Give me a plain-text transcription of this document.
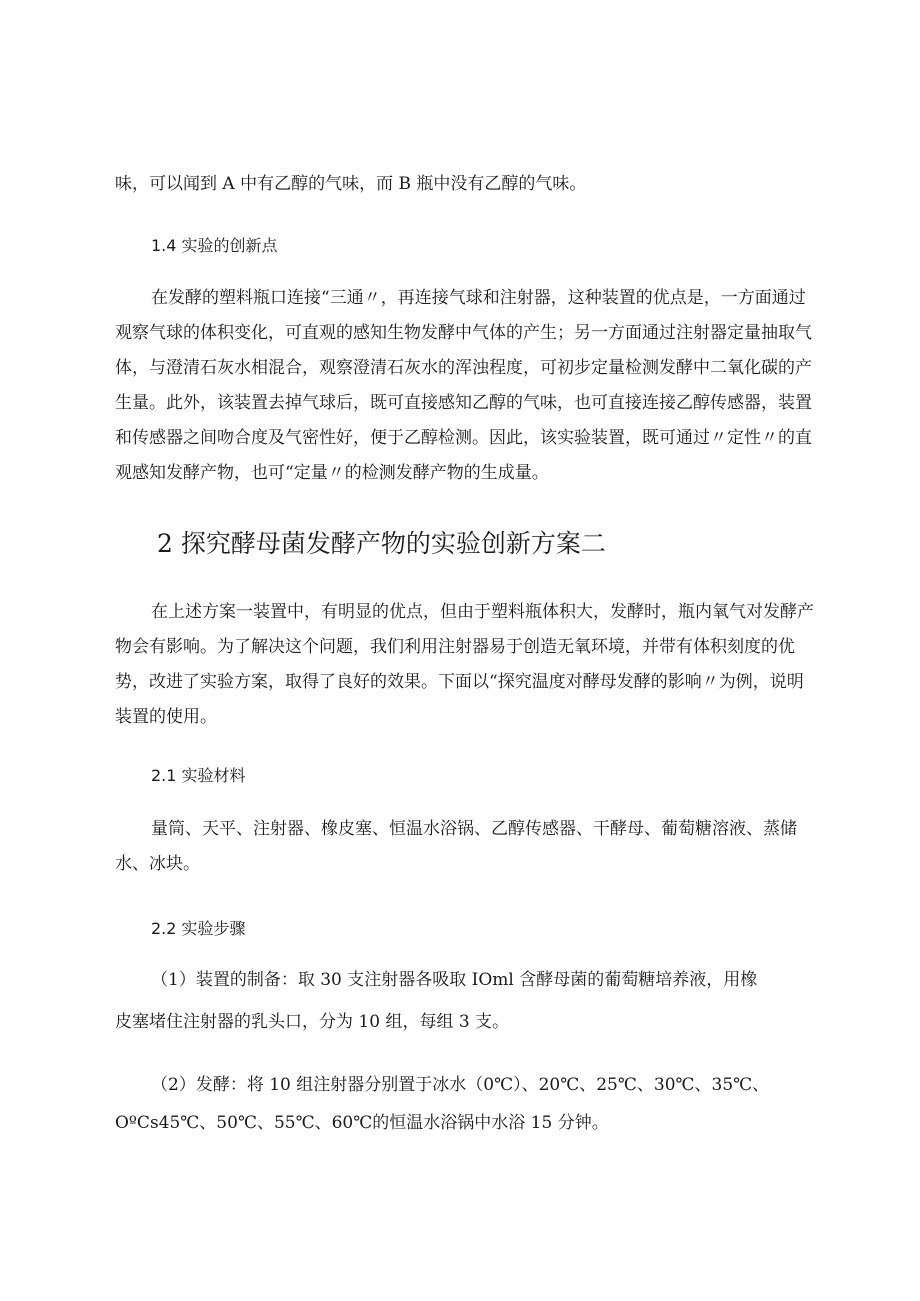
味，可以闻到 A 中有乙醇的气味，而 B 瓶中没有乙醇的气味。

1.4 实验的创新点

在发酵的塑料瓶口连接“三通〃，再连接气球和注射器，这种装置的优点是，一方面通过观察气球的体积变化，可直观的感知生物发酵中气体的产生；另一方面通过注射器定量抽取气体，与澄清石灰水相混合，观察澄清石灰水的浑浊程度，可初步定量检测发酵中二氧化碳的产生量。此外，该装置去掉气球后，既可直接感知乙醇的气味，也可直接连接乙醇传感器，装置和传感器之间吻合度及气密性好，便于乙醇检测。因此，该实验装置，既可通过〃定性〃的直观感知发酵产物，也可“定量〃的检测发酵产物的生成量。

2 探究酵母菌发酵产物的实验创新方案二

在上述方案一装置中，有明显的优点，但由于塑料瓶体积大，发酵时，瓶内氧气对发酵产物会有影响。为了解决这个问题，我们利用注射器易于创造无氧环境，并带有体积刻度的优势，改进了实验方案，取得了良好的效果。下面以“探究温度对酵母发酵的影响〃为例，说明装置的使用。

2.1 实验材料

量筒、天平、注射器、橡皮塞、恒温水浴锅、乙醇传感器、干酵母、葡萄糖溶液、蒸储水、冰块。

2.2 实验步骤

（1）装置的制备：取 30 支注射器各吸取 IOml 含酵母菌的葡萄糖培养液，用橡

皮塞堵住注射器的乳头口，分为 10 组，每组 3 支。

（2）发酵：将 10 组注射器分别置于冰水（0℃）、20℃、25℃、30℃、35℃、

OºCs45℃、50℃、55℃、60℃的恒温水浴锅中水浴 15 分钟。
